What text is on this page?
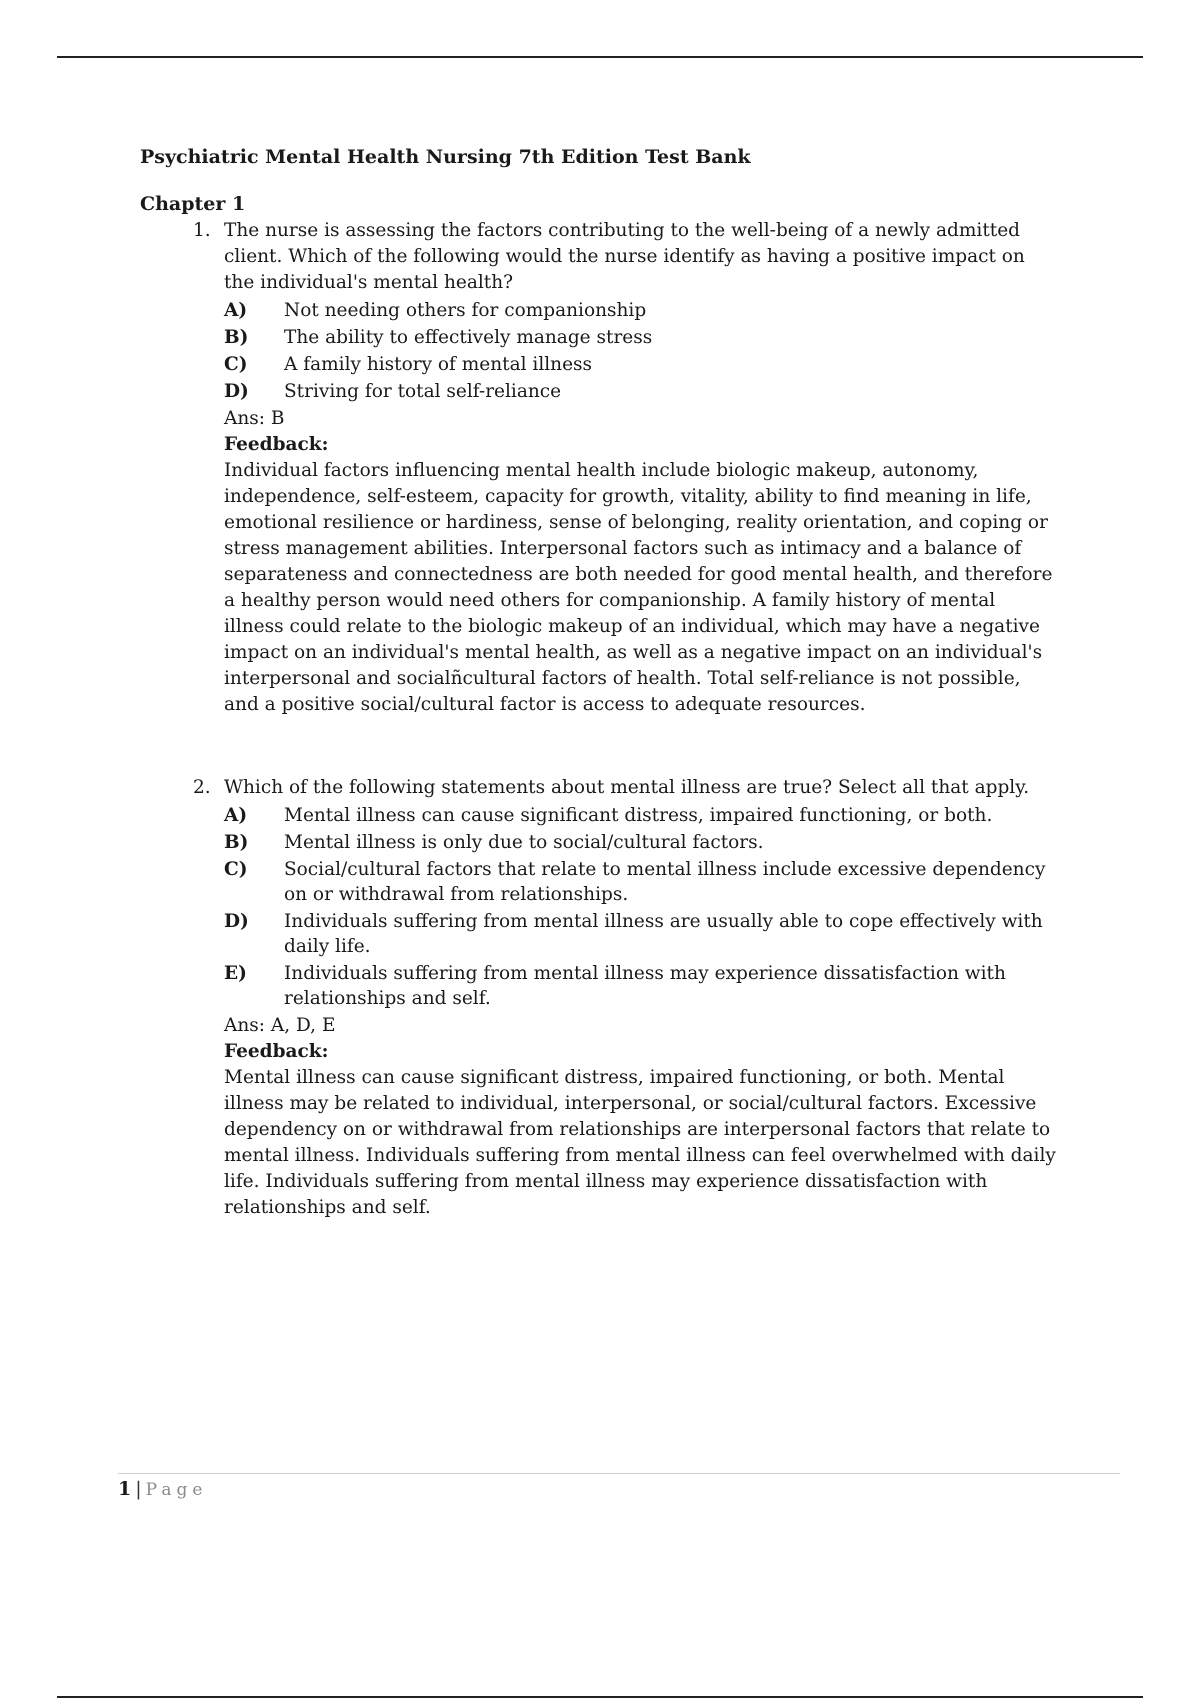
Psychiatric Mental Health Nursing 7th Edition Test Bank

Chapter 1

1. The nurse is assessing the factors contributing to the well-being of a newly admitted client. Which of the following would the nurse identify as having a positive impact on the individual's mental health?

A)	Not needing others for companionship
B)	The ability to effectively manage stress
C)	A family history of mental illness
D)	Striving for total self-reliance

Ans: B

Feedback:

Individual factors influencing mental health include biologic makeup, autonomy, independence, self-esteem, capacity for growth, vitality, ability to find meaning in life, emotional resilience or hardiness, sense of belonging, reality orientation, and coping or stress management abilities. Interpersonal factors such as intimacy and a balance of separateness and connectedness are both needed for good mental health, and therefore a healthy person would need others for companionship. A family history of mental illness could relate to the biologic makeup of an individual, which may have a negative impact on an individual's mental health, as well as a negative impact on an individual's interpersonal and socialñcultural factors of health. Total self-reliance is not possible, and a positive social/cultural factor is access to adequate resources.

2. Which of the following statements about mental illness are true? Select all that apply.

A)	Mental illness can cause significant distress, impaired functioning, or both.
B)	Mental illness is only due to social/cultural factors.
C)	Social/cultural factors that relate to mental illness include excessive dependency on or withdrawal from relationships.
D)	Individuals suffering from mental illness are usually able to cope effectively with daily life.
E)	Individuals suffering from mental illness may experience dissatisfaction with relationships and self.

Ans: A, D, E

Feedback:

Mental illness can cause significant distress, impaired functioning, or both. Mental illness may be related to individual, interpersonal, or social/cultural factors. Excessive dependency on or withdrawal from relationships are interpersonal factors that relate to mental illness. Individuals suffering from mental illness can feel overwhelmed with daily life. Individuals suffering from mental illness may experience dissatisfaction with relationships and self.

1 | Page
